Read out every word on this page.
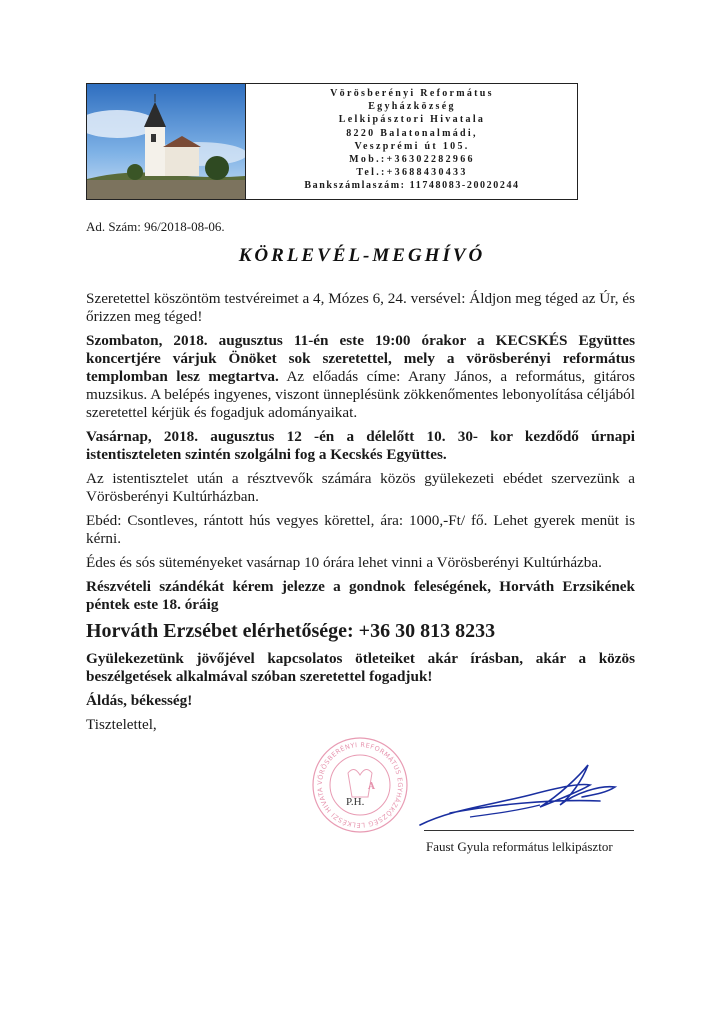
Vörösberényi Református
Egyházközség
Lelkipásztori Hivatala
8220 Balatonalmádi,
Veszprémi út 105.
Mob.:+36302282966
Tel.:+3688430433
Bankszámlaszám: 11748083-20020244
Ad. Szám: 96/2018-08-06.
KÖRLEVÉL-MEGHÍVÓ

Szeretettel köszöntöm testvéreimet a 4, Mózes 6, 24. versével: Áldjon meg téged az Úr, és őrizzen meg téged!

Szombaton, 2018. augusztus 11-én este 19:00 órakor a KECSKÉS Együttes koncertjére várjuk Önöket sok szeretettel, mely a vörösberényi református templomban lesz megtartva. Az előadás címe: Arany János, a református, gitáros muzsikus. A belépés ingyenes, viszont ünneplésünk zökkenőmentes lebonyolítása céljából szeretettel kérjük és fogadjuk adományaikat.

Vasárnap, 2018. augusztus 12 -én a délelőtt 10. 30- kor kezdődő úrnapi istentiszteleten szintén szolgálni fog a Kecskés Együttes.

Az istentisztelet után a résztvevők számára közös gyülekezeti ebédet szervezünk a Vörösberényi Kultúrházban.

Ebéd: Csontleves, rántott hús vegyes körettel, ára: 1000,-Ft/ fő. Lehet gyerek menüt is kérni.

Édes és sós süteményeket vasárnap 10 órára lehet vinni a Vörösberényi Kultúrházba.

Részvételi szándékát kérem jelezze a gondnok feleségének, Horváth Erzsikének péntek este 18. óráig

Horváth Erzsébet elérhetősége: +36 30 813 8233

Gyülekezetünk jövőjével kapcsolatos ötleteiket akár írásban, akár a közös beszélgetések alkalmával szóban szeretettel fogadjuk!

Áldás, békesség!

Tisztelettel,

VÖRÖSBERÉNYI REFORMÁTUS EGYHÁZKÖZSÉG LELKÉSZI HIVATA	A
P.H.
Faust Gyula református lelkipásztor
